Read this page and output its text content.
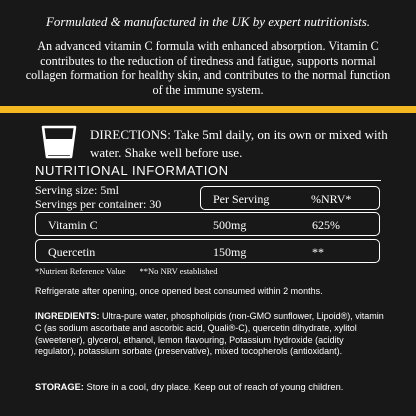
Formulated & manufactured in the UK by expert nutritionists.
An advanced vitamin C formula with enhanced absorption. Vitamin C contributes to the reduction of tiredness and fatigue, supports normal collagen formation for healthy skin, and contributes to the normal function of the immune system.
DIRECTIONS: Take 5ml daily, on its own or mixed with water. Shake well before use.
NUTRITIONAL INFORMATION
Serving size: 5ml
Servings per container: 30	Per Serving	%NRV*
Vitamin C	500mg	625%
Quercetin	150mg	**
*Nutrient Reference Value **No NRV established
Refrigerate after opening, once opened best consumed within 2 months.
INGREDIENTS: Ultra-pure water, phospholipids (non-GMO sunflower, Lipoid®), vitamin C (as sodium ascorbate and ascorbic acid, Quali®-C), quercetin dihydrate, xylitol (sweetener), glycerol, ethanol, lemon flavouring, Potassium hydroxide (acidity regulator), potassium sorbate (preservative), mixed tocopherols (antioxidant).
STORAGE: Store in a cool, dry place. Keep out of reach of young children.
